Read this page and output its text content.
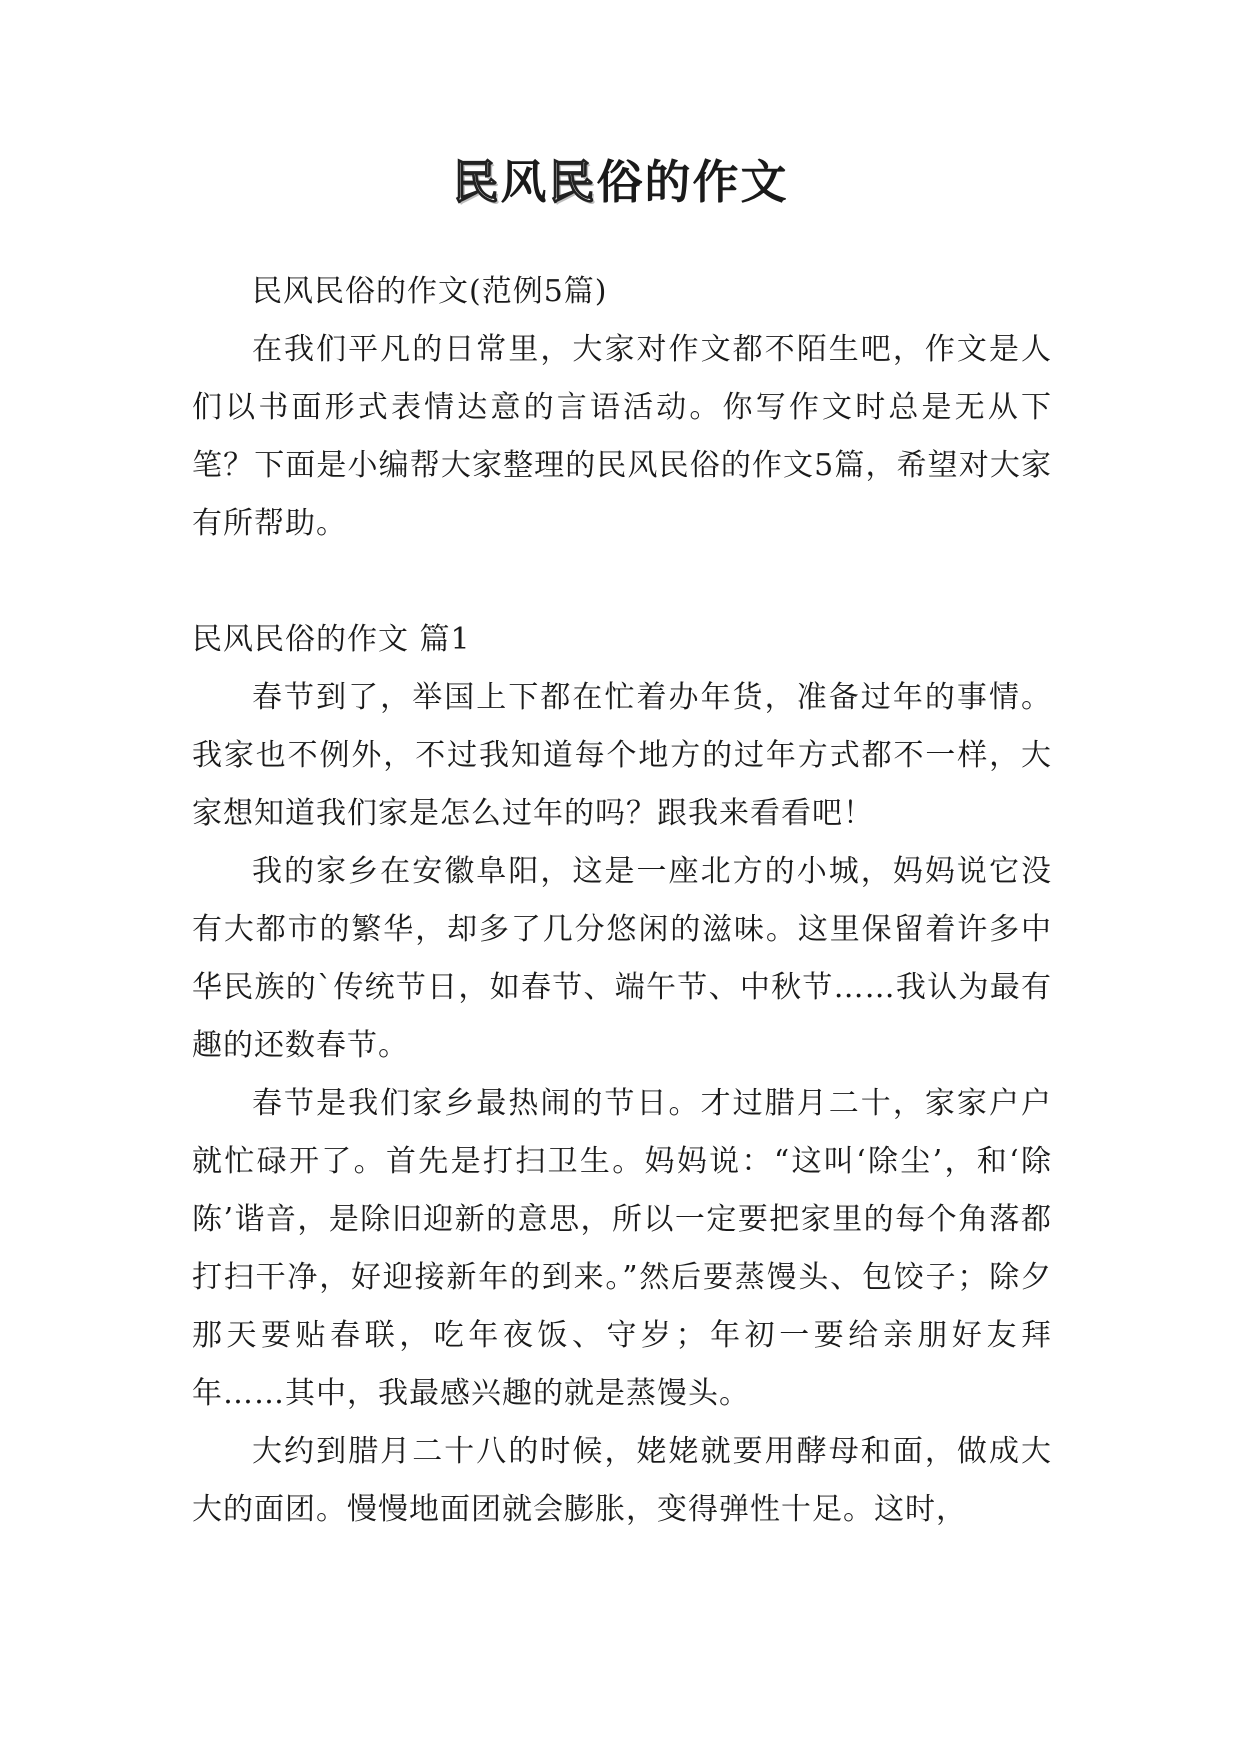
民风民俗的作文

民风民俗的作文(范例5篇)

在我们平凡的日常里，大家对作文都不陌生吧，作文是人们以书面形式表情达意的言语活动。你写作文时总是无从下笔？下面是小编帮大家整理的民风民俗的作文5篇，希望对大家有所帮助。

民风民俗的作文 篇1

春节到了，举国上下都在忙着办年货，准备过年的事情。我家也不例外，不过我知道每个地方的过年方式都不一样，大家想知道我们家是怎么过年的吗？跟我来看看吧！

我的家乡在安徽阜阳，这是一座北方的小城，妈妈说它没有大都市的繁华，却多了几分悠闲的滋味。这里保留着许多中华民族的`传统节日，如春节、端午节、中秋节……我认为最有趣的还数春节。

春节是我们家乡最热闹的节日。才过腊月二十，家家户户就忙碌开了。首先是打扫卫生。妈妈说：“这叫‘除尘’，和‘除陈’谐音，是除旧迎新的意思，所以一定要把家里的每个角落都打扫干净，好迎接新年的到来。”然后要蒸馒头、包饺子；除夕那天要贴春联，吃年夜饭、守岁；年初一要给亲朋好友拜年……其中，我最感兴趣的就是蒸馒头。

大约到腊月二十八的时候，姥姥就要用酵母和面，做成大大的面团。慢慢地面团就会膨胀，变得弹性十足。这时，
